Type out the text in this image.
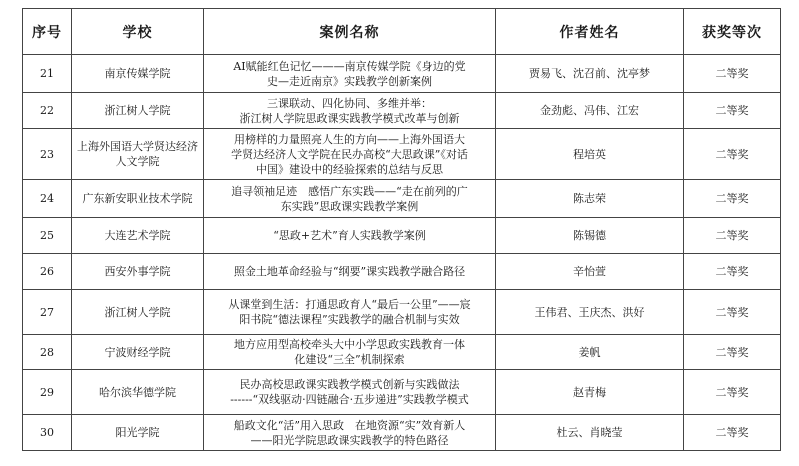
序号	学校	案例名称	作者姓名	获奖等次
21	南京传媒学院	AI赋能红色记忆———南京传媒学院《身边的党
史—走近南京》实践教学创新案例	贾易飞、沈召前、沈亭梦	二等奖
22	浙江树人学院	三课联动、四化协同、多维并举：
浙江树人学院思政课实践教学模式改革与创新	金劲彪、冯伟、江宏	二等奖
23	上海外国语大学贤达经济人文学院	用榜样的力量照亮人生的方向——上海外国语大
学贤达经济人文学院在民办高校“大思政课”《对话
中国》建设中的经验探索的总结与反思	程培英	二等奖
24	广东新安职业技术学院	追寻领袖足迹　感悟广东实践——“走在前列的广
东实践”思政课实践教学案例	陈志荣	二等奖
25	大连艺术学院	“思政+艺术”育人实践教学案例	陈锡德	二等奖
26	西安外事学院	照金土地革命经验与“纲要”课实践教学融合路径	辛怡萱	二等奖
27	浙江树人学院	从课堂到生活：打通思政育人“最后一公里”——宸
阳书院“德法课程”实践教学的融合机制与实效	王伟君、王庆杰、洪好	二等奖
28	宁波财经学院	地方应用型高校牵头大中小学思政实践教育一体
化建设“三全”机制探索	姜帆	二等奖
29	哈尔滨华德学院	民办高校思政课实践教学模式创新与实践做法
------“双线驱动·四链融合·五步递进”实践教学模式	赵青梅	二等奖
30	阳光学院	船政文化“活”用入思政　在地资源“实”效育新人
——阳光学院思政课实践教学的特色路径	杜云、肖晓莹	二等奖
